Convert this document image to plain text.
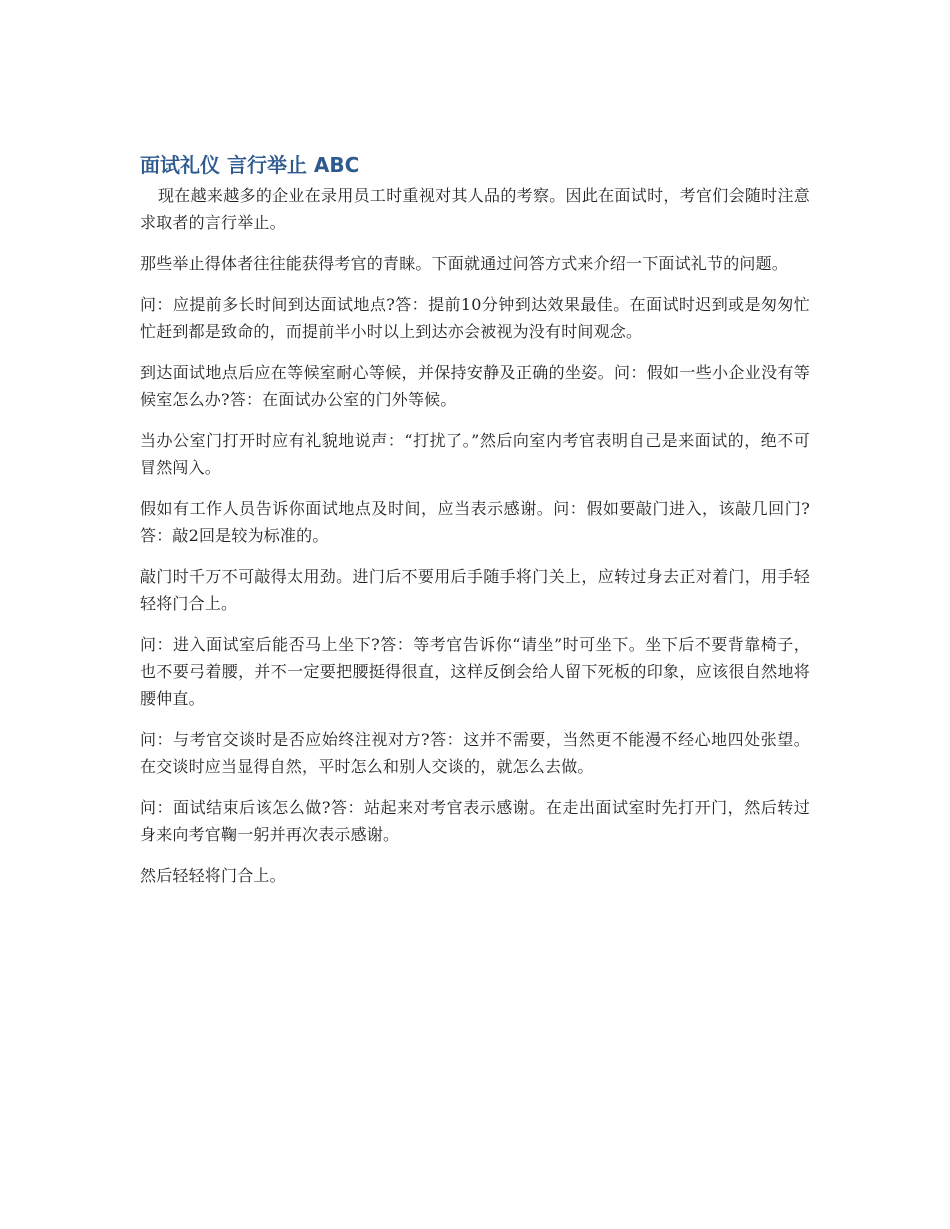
面试礼仪 言行举止 ABC

现在越来越多的企业在录用员工时重视对其人品的考察。因此在面试时，考官们会随时注意求取者的言行举止。

那些举止得体者往往能获得考官的青睐。下面就通过问答方式来介绍一下面试礼节的问题。

问：应提前多长时间到达面试地点?答：提前10分钟到达效果最佳。在面试时迟到或是匆匆忙忙赶到都是致命的，而提前半小时以上到达亦会被视为没有时间观念。

到达面试地点后应在等候室耐心等候，并保持安静及正确的坐姿。问：假如一些小企业没有等候室怎么办?答：在面试办公室的门外等候。

当办公室门打开时应有礼貌地说声：“打扰了。”然后向室内考官表明自己是来面试的，绝不可冒然闯入。

假如有工作人员告诉你面试地点及时间，应当表示感谢。问：假如要敲门进入，该敲几回门?答：敲2回是较为标准的。

敲门时千万不可敲得太用劲。进门后不要用后手随手将门关上，应转过身去正对着门，用手轻轻将门合上。

问：进入面试室后能否马上坐下?答：等考官告诉你“请坐”时可坐下。坐下后不要背靠椅子，也不要弓着腰，并不一定要把腰挺得很直，这样反倒会给人留下死板的印象，应该很自然地将腰伸直。

问：与考官交谈时是否应始终注视对方?答：这并不需要，当然更不能漫不经心地四处张望。在交谈时应当显得自然，平时怎么和别人交谈的，就怎么去做。

问：面试结束后该怎么做?答：站起来对考官表示感谢。在走出面试室时先打开门，然后转过身来向考官鞠一躬并再次表示感谢。

然后轻轻将门合上。
